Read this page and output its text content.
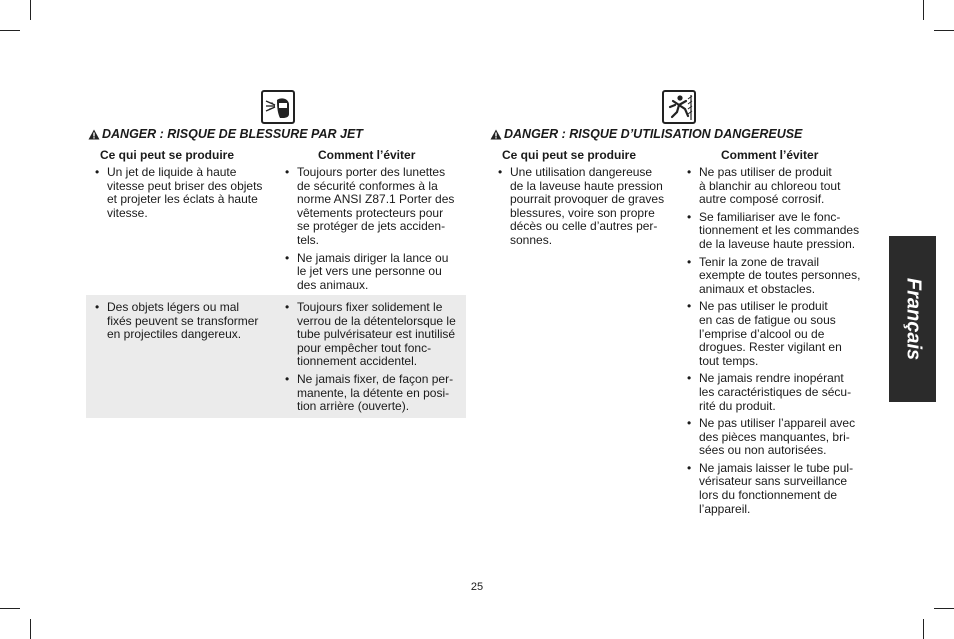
DANGER : RISQUE DE BLESSURE PAR JET
Ce qui peut se produire	Comment l’éviter
• Un jet de liquide à haute
vitesse peut briser des objets
et projeter les éclats à haute
vitesse.
• Toujours porter des lunettes
de sécurité conformes à la
norme ANSI Z87.1 Porter des
vêtements protecteurs pour
se protéger de jets acciden-
tels.
• Ne jamais diriger la lance ou
le jet vers une personne ou
des animaux.
• Des objets légers ou mal
fixés peuvent se transformer
en projectiles dangereux.
• Toujours fixer solidement le
verrou de la détentelorsque le
tube pulvérisateur est inutilisé
pour empêcher tout fonc-
tionnement accidentel.
• Ne jamais fixer, de façon per-
manente, la détente en posi-
tion arrière (ouverte).
DANGER : RISQUE D’UTILISATION DANGEREUSE
Ce qui peut se produire	Comment l’éviter
• Une utilisation dangereuse
de la laveuse haute pression
pourrait provoquer de graves
blessures, voire son propre
décès ou celle d’autres per-
sonnes.
• Ne pas utiliser de produit
à blanchir au chloreou tout
autre composé corrosif.
• Se familiariser ave le fonc-
tionnement et les commandes
de la laveuse haute pression.
• Tenir la zone de travail
exempte de toutes personnes,
animaux et obstacles.
• Ne pas utiliser le produit
en cas de fatigue ou sous
l’emprise d’alcool ou de
drogues. Rester vigilant en
tout temps.
• Ne jamais rendre inopérant
les caractéristiques de sécu-
rité du produit.
• Ne pas utiliser l’appareil avec
des pièces manquantes, bri-
sées ou non autorisées.
• Ne jamais laisser le tube pul-
vérisateur sans surveillance
lors du fonctionnement de
l’appareil.
Français
25
